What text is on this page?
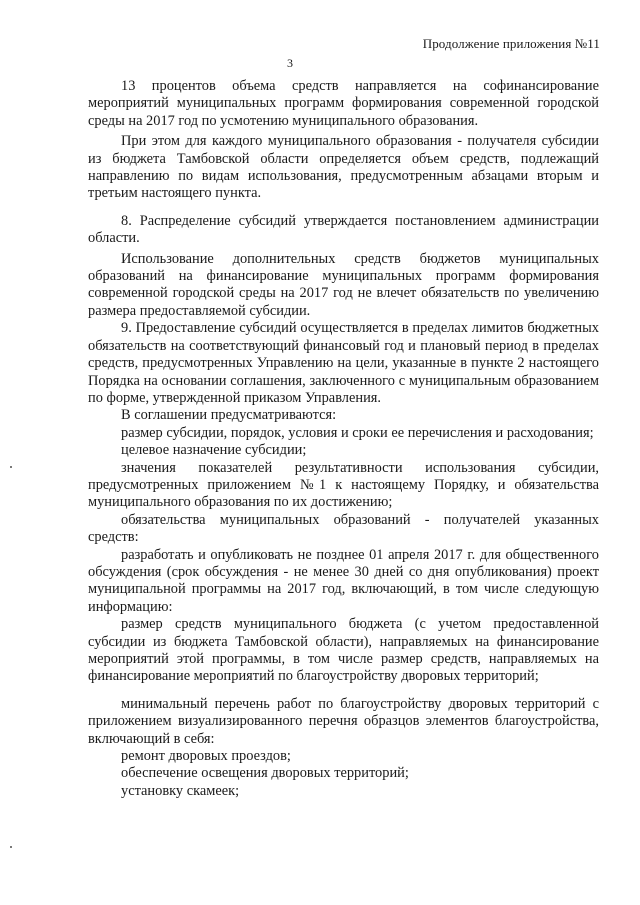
Продолжение приложения №11
3

13 процентов объема средств направляется на софинансирование мероприятий муниципальных программ формирования современной городской среды на 2017 год по усмотению муниципального образования.

При этом для каждого муниципального образования - получателя субсидии из бюджета Тамбовской области определяется объем средств, подлежащий направлению по видам использования, предусмотренным абзацами вторым и третьим настоящего пункта.

8. Распределение субсидий утверждается постановлением администрации области.

Использование дополнительных средств бюджетов муниципальных образований на финансирование муниципальных программ формирования современной городской среды на 2017 год не влечет обязательств по увеличению размера предоставляемой субсидии.

9. Предоставление субсидий осуществляется в пределах лимитов бюджетных обязательств на соответствующий финансовый год и плановый период в пределах средств, предусмотренных Управлению на цели, указанные в пункте 2 настоящего Порядка на основании соглашения, заключенного с муниципальным образованием по форме, утвержденной приказом Управления.

В соглашении предусматриваются:

размер субсидии, порядок, условия и сроки ее перечисления и расходования;

целевое назначение субсидии;

значения показателей результативности использования субсидии, предусмотренных приложением №1 к настоящему Порядку, и обязательства муниципального образования по их достижению;

обязательства муниципальных образований - получателей указанных средств:

разработать и опубликовать не позднее 01 апреля 2017 г. для общественного обсуждения (срок обсуждения - не менее 30 дней со дня опубликования) проект муниципальной программы на 2017 год, включающий, в том числе следующую информацию:

размер средств муниципального бюджета (с учетом предоставленной субсидии из бюджета Тамбовской области), направляемых на финансирование мероприятий этой программы, в том числе размер средств, направляемых на финансирование мероприятий по благоустройству дворовых территорий;

минимальный перечень работ по благоустройству дворовых территорий с приложением визуализированного перечня образцов элементов благоустройства, включающий в себя:

ремонт дворовых проездов;

обеспечение освещения дворовых территорий;

установку скамеек;
